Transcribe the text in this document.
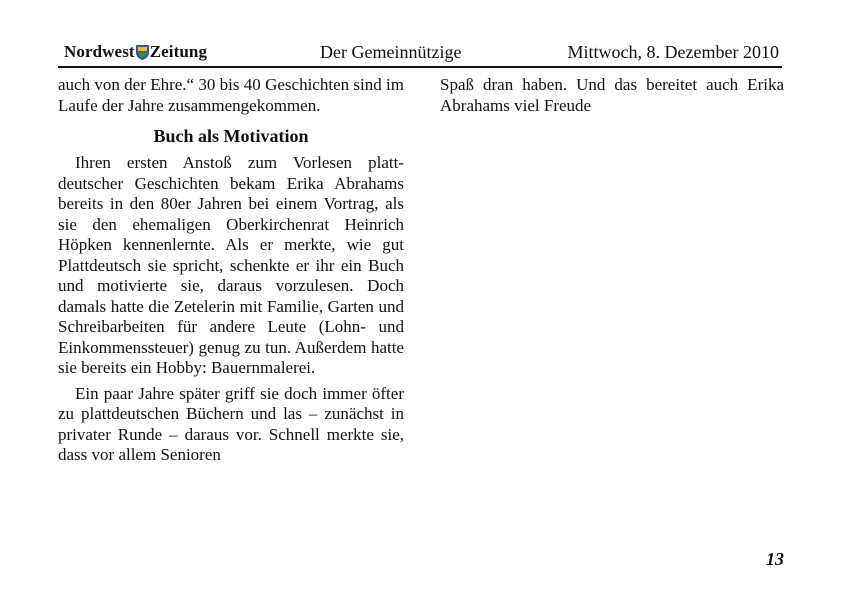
Nordwest Zeitung	Der Gemeinnützige	Mittwoch, 8. Dezember 2010

auch von der Ehre.“ 30 bis 40 Geschichten sind im Laufe der Jahre zusammengekommen.

Buch als Motivation

Ihren ersten Anstoß zum Vorlesen plattdeutscher Geschichten bekam Erika Abrahams bereits in den 80er Jahren bei einem Vortrag, als sie den ehemaligen Oberkirchenrat Heinrich Höpken kennenlernte. Als er merkte, wie gut Plattdeutsch sie spricht, schenkte er ihr ein Buch und motivierte sie, daraus vorzulesen. Doch damals hatte die Zetelerin mit Familie, Garten und Schreibarbeiten für andere Leute (Lohn- und Einkommenssteuer) genug zu tun. Außerdem hatte sie bereits ein Hobby: Bauernmalerei.

Ein paar Jahre später griff sie doch immer öfter zu plattdeutschen Büchern und las – zunächst in privater Runde – daraus vor. Schnell merkte sie, dass vor allem Senioren

Spaß dran haben. Und das bereitet auch Erika Abrahams viel Freude

13
